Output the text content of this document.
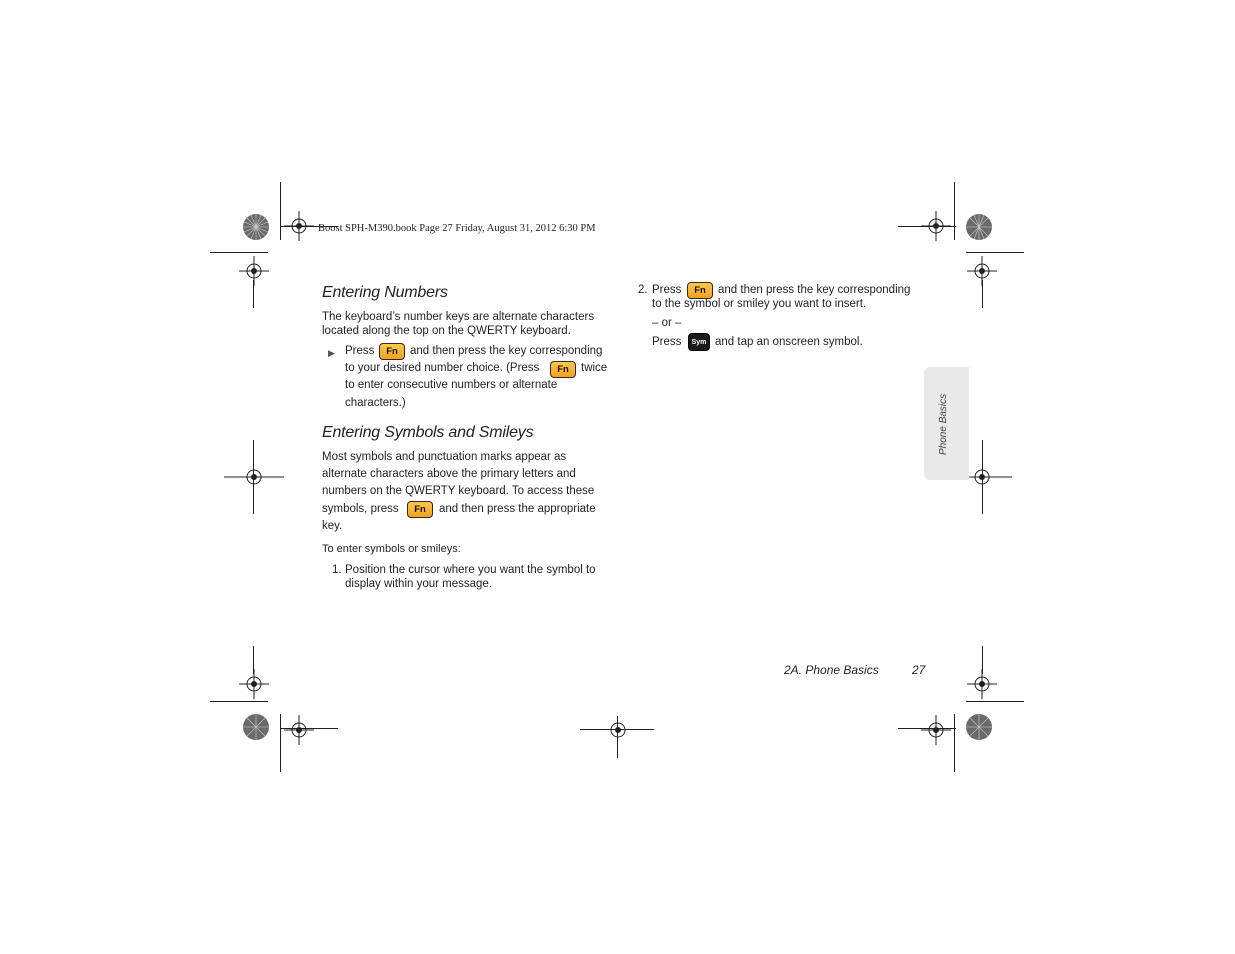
Boost SPH-M390.book Page 27 Friday, August 31, 2012 6:30 PM
Entering Numbers
The keyboard’s number keys are alternate characters
located along the top on the QWERTY keyboard.
▶ Press	Fn	and then press the key corresponding
to your desired number choice. (Press	Fn	twice
to enter consecutive numbers or alternate
characters.)
Entering Symbols and Smileys
Most symbols and punctuation marks appear as
alternate characters above the primary letters and
numbers on the QWERTY keyboard. To access these
symbols, press	Fn	and then press the appropriate
key.
To enter symbols or smileys:
1. Position the cursor where you want the symbol to
display within your message.
2. Press	Fn	and then press the key corresponding
to the symbol or smiley you want to insert.
– or –
Press	Sym and tap an onscreen symbol.
Phone Basics
2A. Phone Basics	27
